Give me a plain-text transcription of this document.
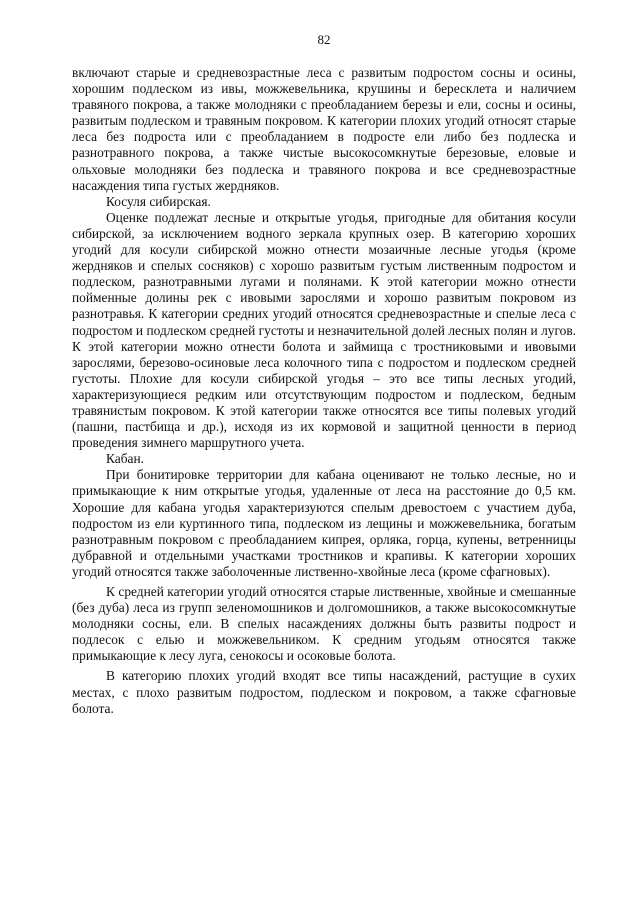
82

включают старые и средневозрастные леса с развитым подростом сосны и осины, хорошим подлеском из ивы, можжевельника, крушины и бересклета и наличием травяного покрова, а также молодняки с преобладанием березы и ели, сосны и осины, развитым подлеском и травяным покровом. К категории плохих угодий относят старые леса без подроста или с преобладанием в подросте ели либо без подлеска и разнотравного покрова, а также чистые высокосомкнутые березовые, еловые и ольховые молодняки без подлеска и травяного покрова и все средневозрастные насаждения типа густых жердняков.

Косуля сибирская.

Оценке подлежат лесные и открытые угодья, пригодные для обитания косули сибирской, за исключением водного зеркала крупных озер. В категорию хороших угодий для косули сибирской можно отнести мозаичные лесные угодья (кроме жердняков и спелых сосняков) с хорошо развитым густым лиственным подростом и подлеском, разнотравными лугами и полянами. К этой категории можно отнести пойменные долины рек с ивовыми зарослями и хорошо развитым покровом из разнотравья. К категории средних угодий относятся средневозрастные и спелые леса с подростом и подлеском средней густоты и незначительной долей лесных полян и лугов. К этой категории можно отнести болота и займища с тростниковыми и ивовыми зарослями, березово-осиновые леса колочного типа с подростом и подлеском средней густоты. Плохие для косули сибирской угодья – это все типы лесных угодий, характеризующиеся редким или отсутствующим подростом и подлеском, бедным травянистым покровом. К этой категории также относятся все типы полевых угодий (пашни, пастбища и др.), исходя из их кормовой и защитной ценности в период проведения зимнего маршрутного учета.

Кабан.

При бонитировке территории для кабана оценивают не только лесные, но и примыкающие к ним открытые угодья, удаленные от леса на расстояние до 0,5 км. Хорошие для кабана угодья характеризуются спелым древостоем с участием дуба, подростом из ели куртинного типа, подлеском из лещины и можжевельника, богатым разнотравным покровом с преобладанием кипрея, орляка, горца, купены, ветренницы дубравной и отдельными участками тростников и крапивы. К категории хороших угодий относятся также заболоченные лиственно-хвойные леса (кроме сфагновых).

К средней категории угодий относятся старые лиственные, хвойные и смешанные (без дуба) леса из групп зеленомошников и долгомошников, а также высокосомкнутые молодняки сосны, ели. В спелых насаждениях должны быть развиты подрост и подлесок с елью и можжевельником. К средним угодьям относятся также примыкающие к лесу луга, сенокосы и осоковые болота.

В категорию плохих угодий входят все типы насаждений, растущие в сухих местах, с плохо развитым подростом, подлеском и покровом, а также сфагновые болота.
